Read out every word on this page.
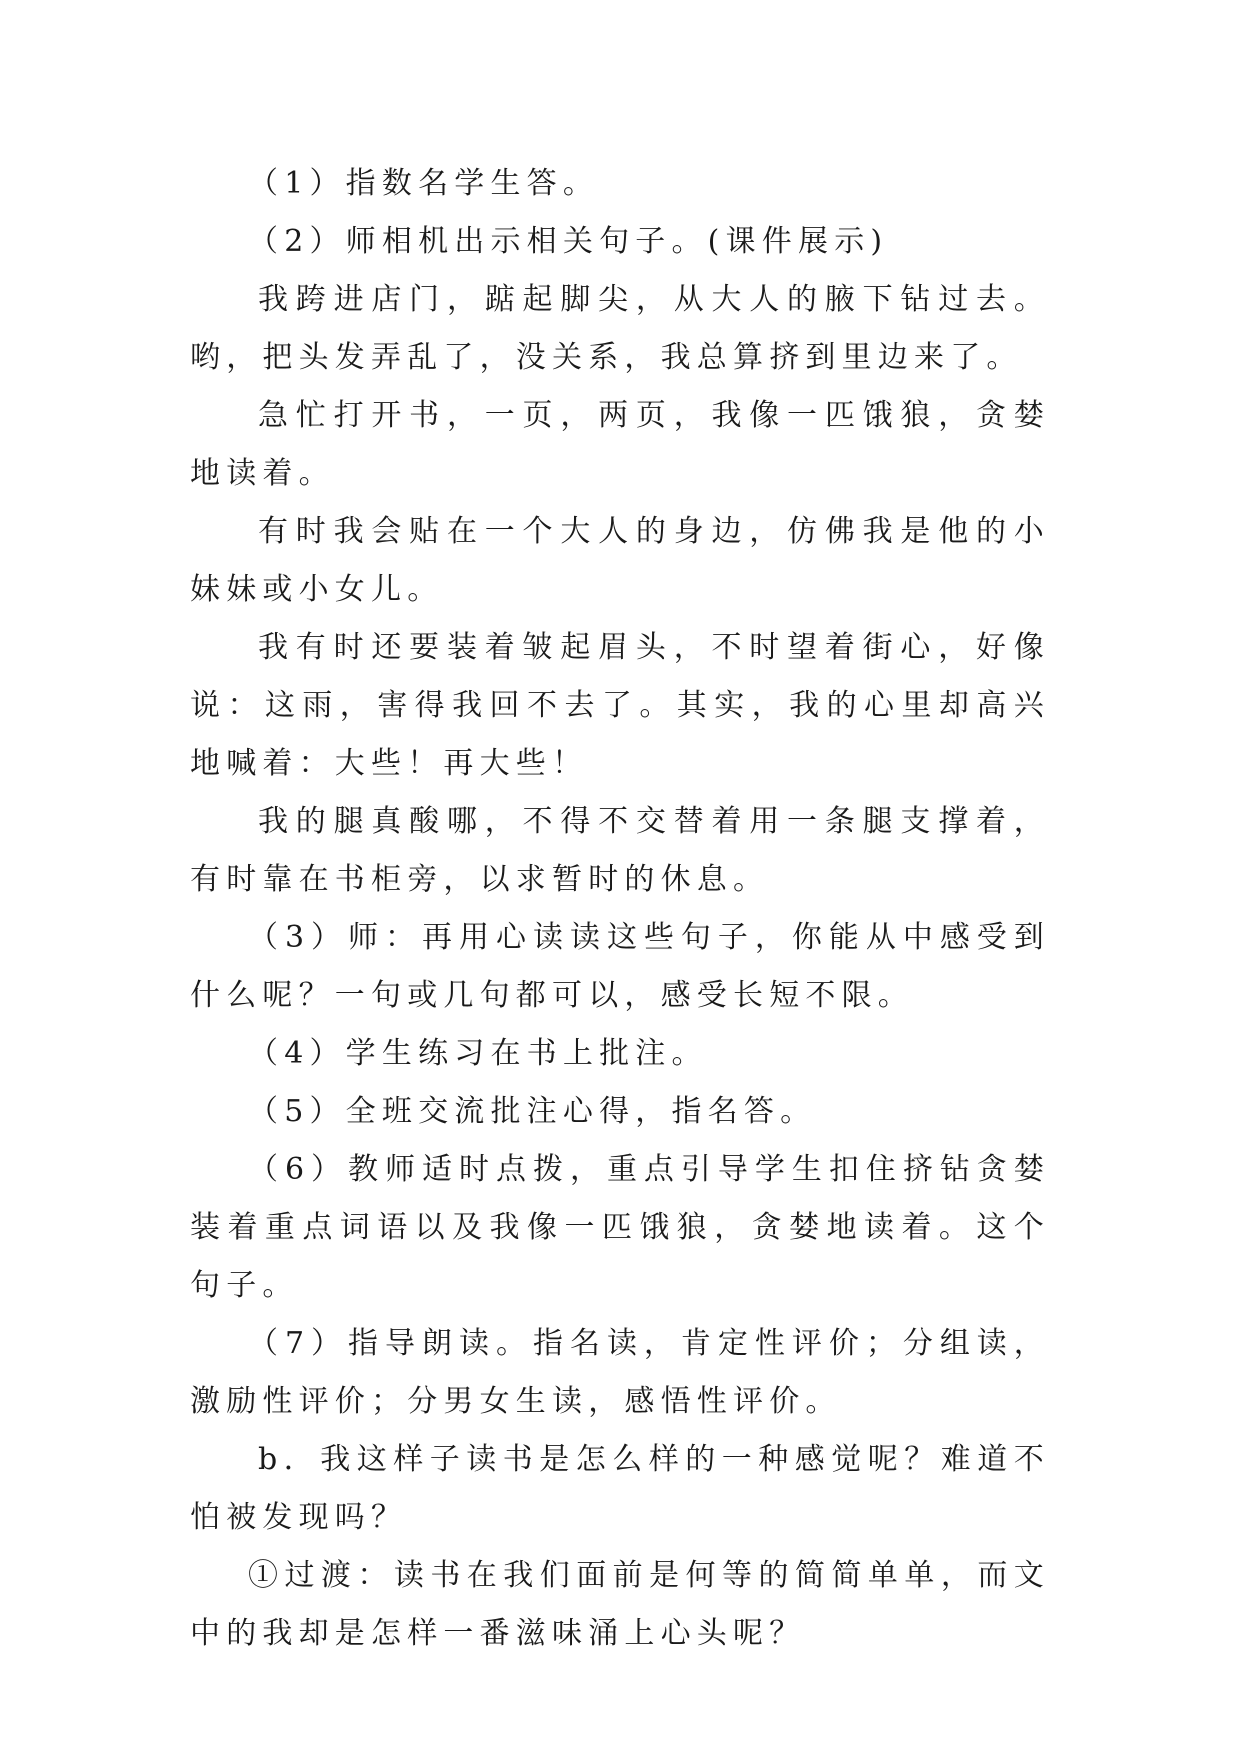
（1）指数名学生答。

（2）师相机出示相关句子。(课件展示)

我跨进店门，踮起脚尖，从大人的腋下钻过去。哟，把头发弄乱了，没关系，我总算挤到里边来了。

急忙打开书，一页，两页，我像一匹饿狼，贪婪地读着。

有时我会贴在一个大人的身边，仿佛我是他的小妹妹或小女儿。

我有时还要装着皱起眉头，不时望着街心，好像说：这雨，害得我回不去了。其实，我的心里却高兴地喊着：大些！再大些！

我的腿真酸哪，不得不交替着用一条腿支撑着，有时靠在书柜旁，以求暂时的休息。

（3）师：再用心读读这些句子，你能从中感受到什么呢？一句或几句都可以，感受长短不限。

（4）学生练习在书上批注。

（5）全班交流批注心得，指名答。

（6）教师适时点拨，重点引导学生扣住挤钻贪婪装着重点词语以及我像一匹饿狼，贪婪地读着。这个句子。

（7）指导朗读。指名读，肯定性评价；分组读，激励性评价；分男女生读，感悟性评价。

b．我这样子读书是怎么样的一种感觉呢？难道不怕被发现吗？

①过渡：读书在我们面前是何等的简简单单，而文中的我却是怎样一番滋味涌上心头呢？
